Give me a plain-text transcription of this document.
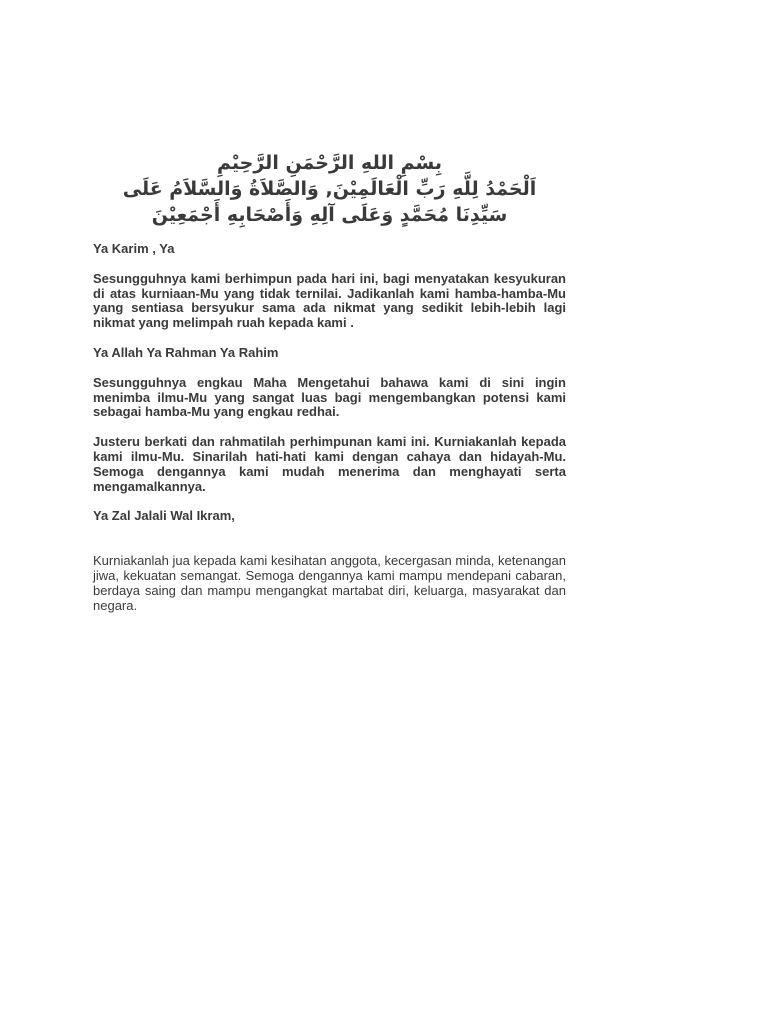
بِسْمِ اللهِ الرَّحْمَنِ الرَّحِيْمِ
اَلْحَمْدُ لِلَّهِ رَبِّ الْعَالَمِيْنَ, وَالصَّلاَةُ وَالسَّلاَمُ عَلَى
سَيِّدِنَا مُحَمَّدٍ وَعَلَى آلِهِ وَأَصْحَابِهِ أَجْمَعِيْنَ

Ya Karim , Ya

Sesungguhnya kami berhimpun pada hari ini, bagi menyatakan kesyukuran di atas kurniaan-Mu yang tidak ternilai. Jadikanlah kami hamba-hamba-Mu yang sentiasa bersyukur sama ada nikmat yang sedikit lebih-lebih lagi nikmat yang melimpah ruah kepada kami .

Ya Allah Ya Rahman Ya Rahim

Sesungguhnya engkau Maha Mengetahui bahawa kami di sini ingin menimba ilmu-Mu yang sangat luas bagi mengembangkan potensi kami sebagai hamba-Mu yang engkau redhai.

Justeru berkati dan rahmatilah perhimpunan kami ini. Kurniakanlah kepada kami ilmu-Mu. Sinarilah hati-hati kami dengan cahaya dan hidayah-Mu. Semoga dengannya kami mudah menerima dan menghayati serta mengamalkannya.

Ya Zal Jalali Wal Ikram,

Kurniakanlah jua kepada kami kesihatan anggota, kecergasan minda, ketenangan jiwa, kekuatan semangat. Semoga dengannya kami mampu mendepani cabaran, berdaya saing dan mampu mengangkat martabat diri, keluarga, masyarakat dan negara.
